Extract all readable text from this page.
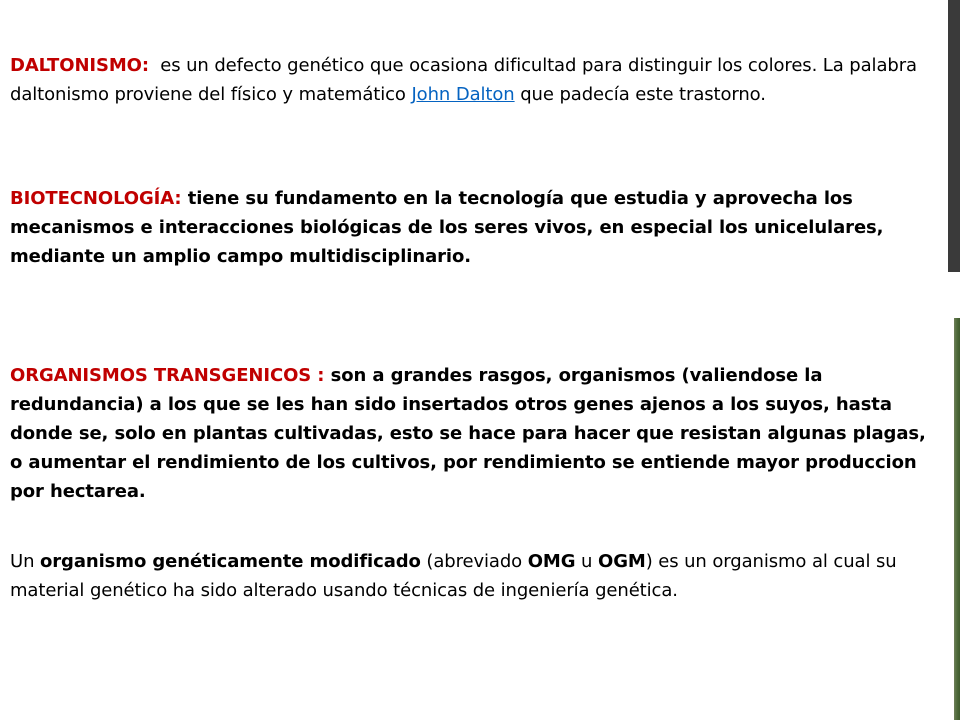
DALTONISMO:  es un defecto genético que ocasiona dificultad para distinguir los colores. La palabra daltonismo proviene del físico y matemático John Dalton que padecía este trastorno.

BIOTECNOLOGÍA: tiene su fundamento en la tecnología que estudia y aprovecha los mecanismos e interacciones biológicas de los seres vivos, en especial los unicelulares, mediante un amplio campo multidisciplinario.

ORGANISMOS TRANSGENICOS : son a grandes rasgos, organismos (valiendose la redundancia) a los que se les han sido insertados otros genes ajenos a los suyos, hasta donde se, solo en plantas cultivadas, esto se hace para hacer que resistan algunas plagas, o aumentar el rendimiento de los cultivos, por rendimiento se entiende mayor produccion por hectarea.

Un organismo genéticamente modificado (abreviado OMG u OGM) es un organismo al cual su material genético ha sido alterado usando técnicas de ingeniería genética.
